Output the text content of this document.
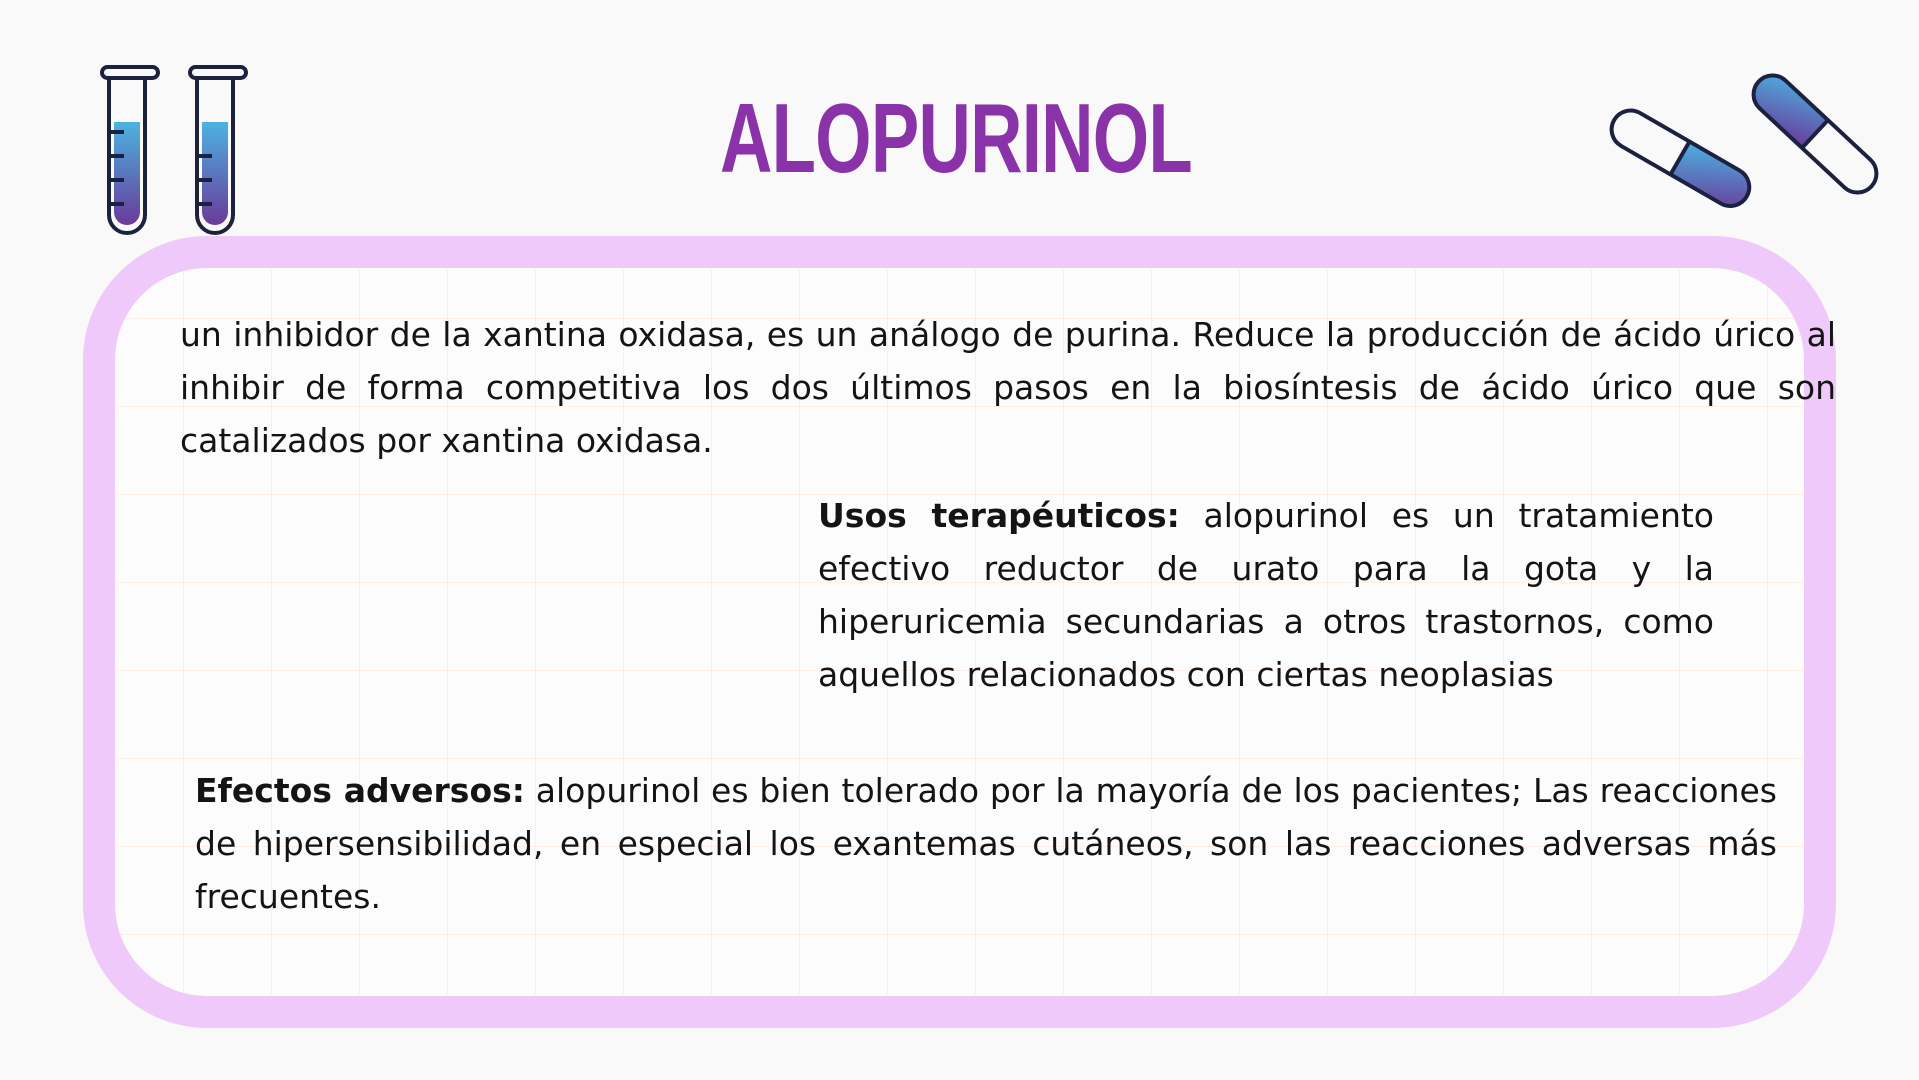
ALOPURINOL

un inhibidor de la xantina oxidasa, es un análogo de purina. Reduce la producción de ácido úrico al inhibir de forma competitiva los dos últimos pasos en la biosíntesis de ácido úrico que son catalizados por xantina oxidasa.

Usos terapéuticos: alopurinol es un tratamiento efectivo reductor de urato para la gota y la hiperuricemia secundarias a otros trastornos, como aquellos relacionados con ciertas neoplasias

Efectos adversos: alopurinol es bien tolerado por la mayoría de los pacientes; Las reacciones de hipersensibilidad, en especial los exantemas cutáneos, son las reacciones adversas más frecuentes.
